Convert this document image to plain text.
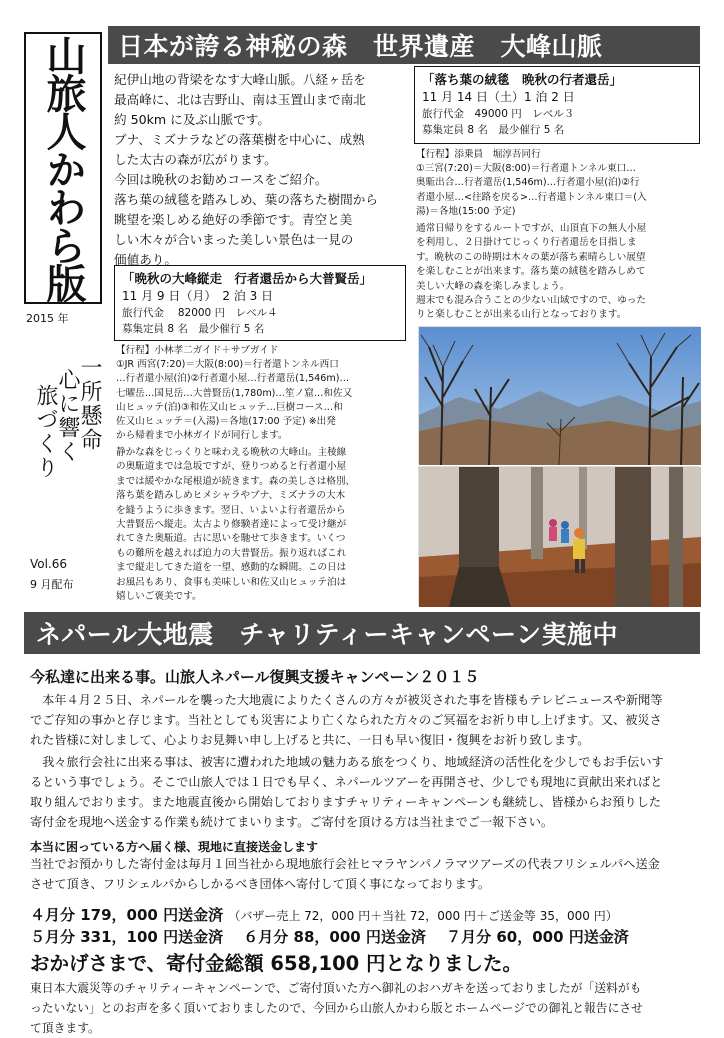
山旅人かわら版
2015 年
一所懸命
心に響く
旅づくり
Vol.66
9 月配布
日本が誇る神秘の森　世界遺産　大峰山脈

紀伊山地の背梁をなす大峰山脈。八経ヶ岳を

最高峰に、北は吉野山、南は玉置山まで南北

約 50km に及ぶ山脈です。

ブナ、ミズナラなどの落葉樹を中心に、成熟

した太古の森が広がります。

今回は晩秋のお勧めコースをご紹介。

落ち葉の絨毯を踏みしめ、葉の落ちた樹間から

眺望を楽しめる絶好の季節です。青空と美

しい木々が合いまった美しい景色は一見の

価値あり。

「晩秋の大峰縦走　行者還岳から大普賢岳」
11 月 9 日（月）　2 泊 3 日
旅行代金　 82000 円　レベル４
募集定員 8 名　最少催行 5 名
【行程】小林孝二ガイド＋サブガイド
①JR 西宮(7:20)＝大阪(8:00)＝行者還トンネル西口
…行者還小屋(泊)②行者還小屋…行者還岳(1,546m)…
七曜岳…国見岳…大普賢岳(1,780m)…笙ノ窟…和佐又
山ヒュッテ(泊)③和佐又山ヒュッテ…巨樹コース…和
佐又山ヒュッテ＝(入湯)＝各地(17:00 予定) ※出発
から帰着まで小林ガイドが同行します。

静かな森をじっくりと味わえる晩秋の大峰山。主稜線

の奥駈道までは急坂ですが、登りつめると行者還小屋

までは緩やかな尾根道が続きます。森の美しさは格別、

落ち葉を踏みしめヒメシャラやブナ、ミズナラの大木

を縫うように歩きます。翌日、いよいよ行者還岳から

大普賢岳へ縦走。太古より修験者達によって受け継が

れてきた奥駈道。古に思いを馳せて歩きます。いくつ

もの難所を越えれば迫力の大普賢岳。振り返ればこれ

まで縦走してきた道を一望、感動的な瞬間。この日は

お風呂もあり、食事も美味しい和佐又山ヒュッテ泊は

嬉しいご褒美です。

「落ち葉の絨毯　晩秋の行者還岳」
11 月 14 日（土）1 泊 2 日
旅行代金　49000 円　レベル３
募集定員 8 名　最少催行 5 名
【行程】添乗員　堀淳吾同行
①三宮(7:20)＝大阪(8:00)＝行者還トンネル東口…
奥駈出合…行者還岳(1,546m)…行者還小屋(泊)②行
者還小屋…<往路を戻る>…行者還トンネル東口＝(入
湯)＝各地(15:00 予定)

通常日帰りをするルートですが、山頂直下の無人小屋

を利用し、２日掛けてじっくり行者還岳を目指しま

す。晩秋のこの時期は木々の葉が落ち素晴らしい展望

を楽しむことが出来ます。落ち葉の絨毯を踏みしめて

美しい大峰の森を楽しみましょう。

週末でも混み合うことの少ない山域ですので、ゆった

りと楽しむことが出来る山行となっております。

ネパール大地震　チャリティーキャンペーン実施中
今私達に出来る事。山旅人ネパール復興支援キャンペーン２０１５
　本年４月２５日、ネパールを襲った大地震によりたくさんの方々が被災された事を皆様もテレビニュースや新聞等
でご存知の事かと存じます。当社としても災害により亡くなられた方々のご冥福をお祈り申し上げます。又、被災さ
れた皆様に対しまして、心よりお見舞い申し上げると共に、一日も早い復旧・復興をお祈り致します。
　我々旅行会社に出来る事は、被害に遭われた地域の魅力ある旅をつくり、地域経済の活性化を少しでもお手伝いす
るという事でしょう。そこで山旅人では１日でも早く、ネパールツアーを再開させ、少しでも現地に貢献出来ればと
取り組んでおります。また地震直後から開始しておりますチャリティーキャンペーンも継続し、皆様からお預りした
寄付金を現地へ送金する作業も続けてまいります。ご寄付を頂ける方は当社までご一報下さい。
本当に困っている方へ届く様、現地に直接送金します
当社でお預かりした寄付金は毎月１回当社から現地旅行会社ヒマラヤンパノラマツアーズの代表フリシェルパへ送金
させて頂き、フリシェルパからしかるべき団体へ寄付して頂く事になっております。
４月分 179，000 円送金済 （バザー売上 72，000 円＋当社 72，000 円＋ご送金等 35，000 円）
５月分 331，100 円送金済　 ６月分 88，000 円送金済　 ７月分 60，000 円送金済
おかげさまで、寄付金総額 658,100 円となりました。
東日本大震災等のチャリティーキャンペーンで、ご寄付頂いた方へ御礼のおハガキを送っておりましたが「送料がも
ったいない」とのお声を多く頂いておりましたので、今回から山旅人かわら版とホームページでの御礼と報告にさせ
て頂きます。
